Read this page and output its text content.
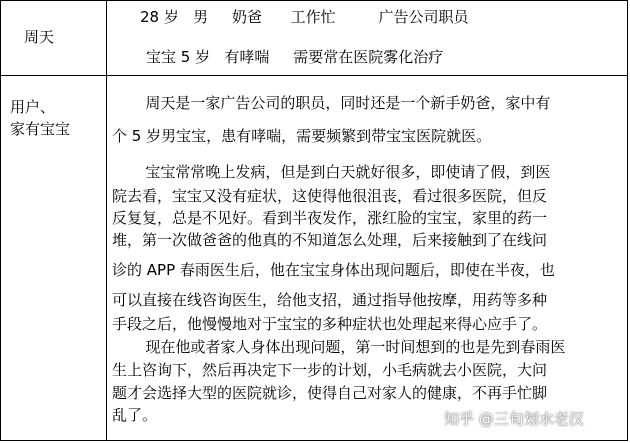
周天
用户、
家有宝宝
28 岁   男     奶爸      工作忙         广告公司职员
宝宝 5 岁   有哮喘     需要常在医院雾化治疗
周天是一家广告公司的职员，同时还是一个新手奶爸，家中有
个 5 岁男宝宝，患有哮喘，需要频繁到带宝宝医院就医。
宝宝常常晚上发病，但是到白天就好很多，即使请了假，到医
院去看，宝宝又没有症状，这使得他很沮丧，看过很多医院，但反
反复复，总是不见好。看到半夜发作，涨红脸的宝宝，家里的药一
堆，第一次做爸爸的他真的不知道怎么处理，后来接触到了在线问
诊的 APP 春雨医生后，他在宝宝身体出现问题后，即使在半夜，也
可以直接在线咨询医生，给他支招，通过指导他按摩，用药等多种
手段之后，他慢慢地对于宝宝的多种症状也处理起来得心应手了。
现在他或者家人身体出现问题，第一时间想到的也是先到春雨医
生上咨询下，然后再决定下一步的计划，小毛病就去小医院，大问
题才会选择大型的医院就诊，使得自己对家人的健康，不再手忙脚
乱了。	知乎 @三旬划水老汉
